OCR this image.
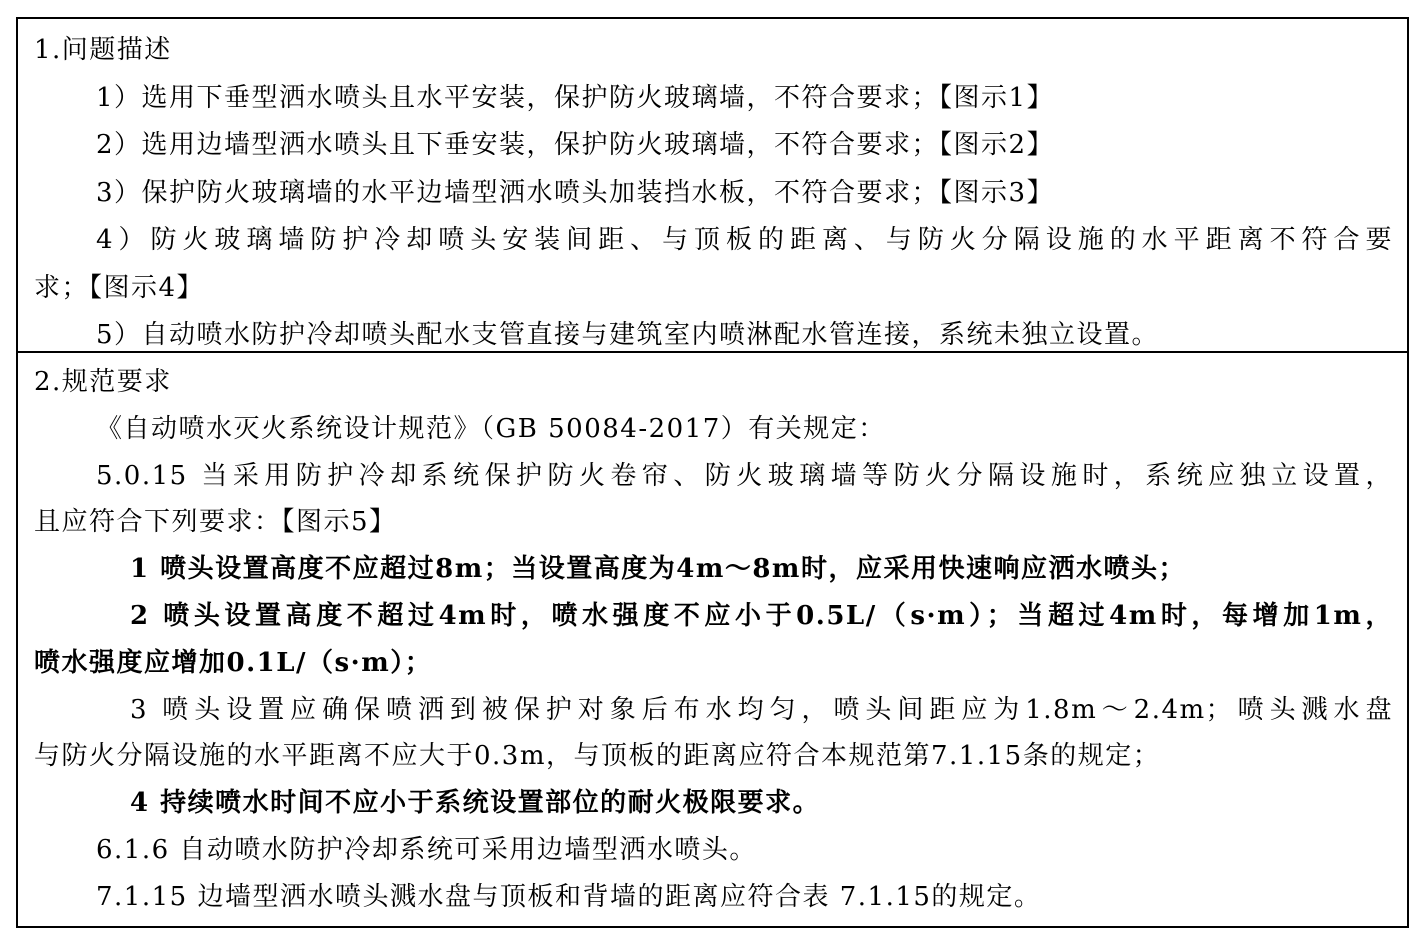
1.问题描述
1）选用下垂型洒水喷头且水平安装，保护防火玻璃墙，不符合要求；【图示1】
2）选用边墙型洒水喷头且下垂安装，保护防火玻璃墙，不符合要求；【图示2】
3）保护防火玻璃墙的水平边墙型洒水喷头加装挡水板，不符合要求；【图示3】
4）防火玻璃墙防护冷却喷头安装间距、与顶板的距离、与防火分隔设施的水平距离不符合要
求；【图示4】
5）自动喷水防护冷却喷头配水支管直接与建筑室内喷淋配水管连接，系统未独立设置。
2.规范要求
《自动喷水灭火系统设计规范》（GB 50084-2017）有关规定：
5.0.15 当采用防护冷却系统保护防火卷帘、防火玻璃墙等防火分隔设施时，系统应独立设置，
且应符合下列要求：【图示5】
1 喷头设置高度不应超过8m；当设置高度为4m～8m时，应采用快速响应洒水喷头；
2 喷头设置高度不超过4m时，喷水强度不应小于0.5L/（s·m）；当超过4m时，每增加1m，
喷水强度应增加0.1L/（s·m）；
3 喷头设置应确保喷洒到被保护对象后布水均匀，喷头间距应为1.8m～2.4m；喷头溅水盘
与防火分隔设施的水平距离不应大于0.3m，与顶板的距离应符合本规范第7.1.15条的规定；
4 持续喷水时间不应小于系统设置部位的耐火极限要求。
6.1.6 自动喷水防护冷却系统可采用边墙型洒水喷头。
7.1.15 边墙型洒水喷头溅水盘与顶板和背墙的距离应符合表 7.1.15的规定。
